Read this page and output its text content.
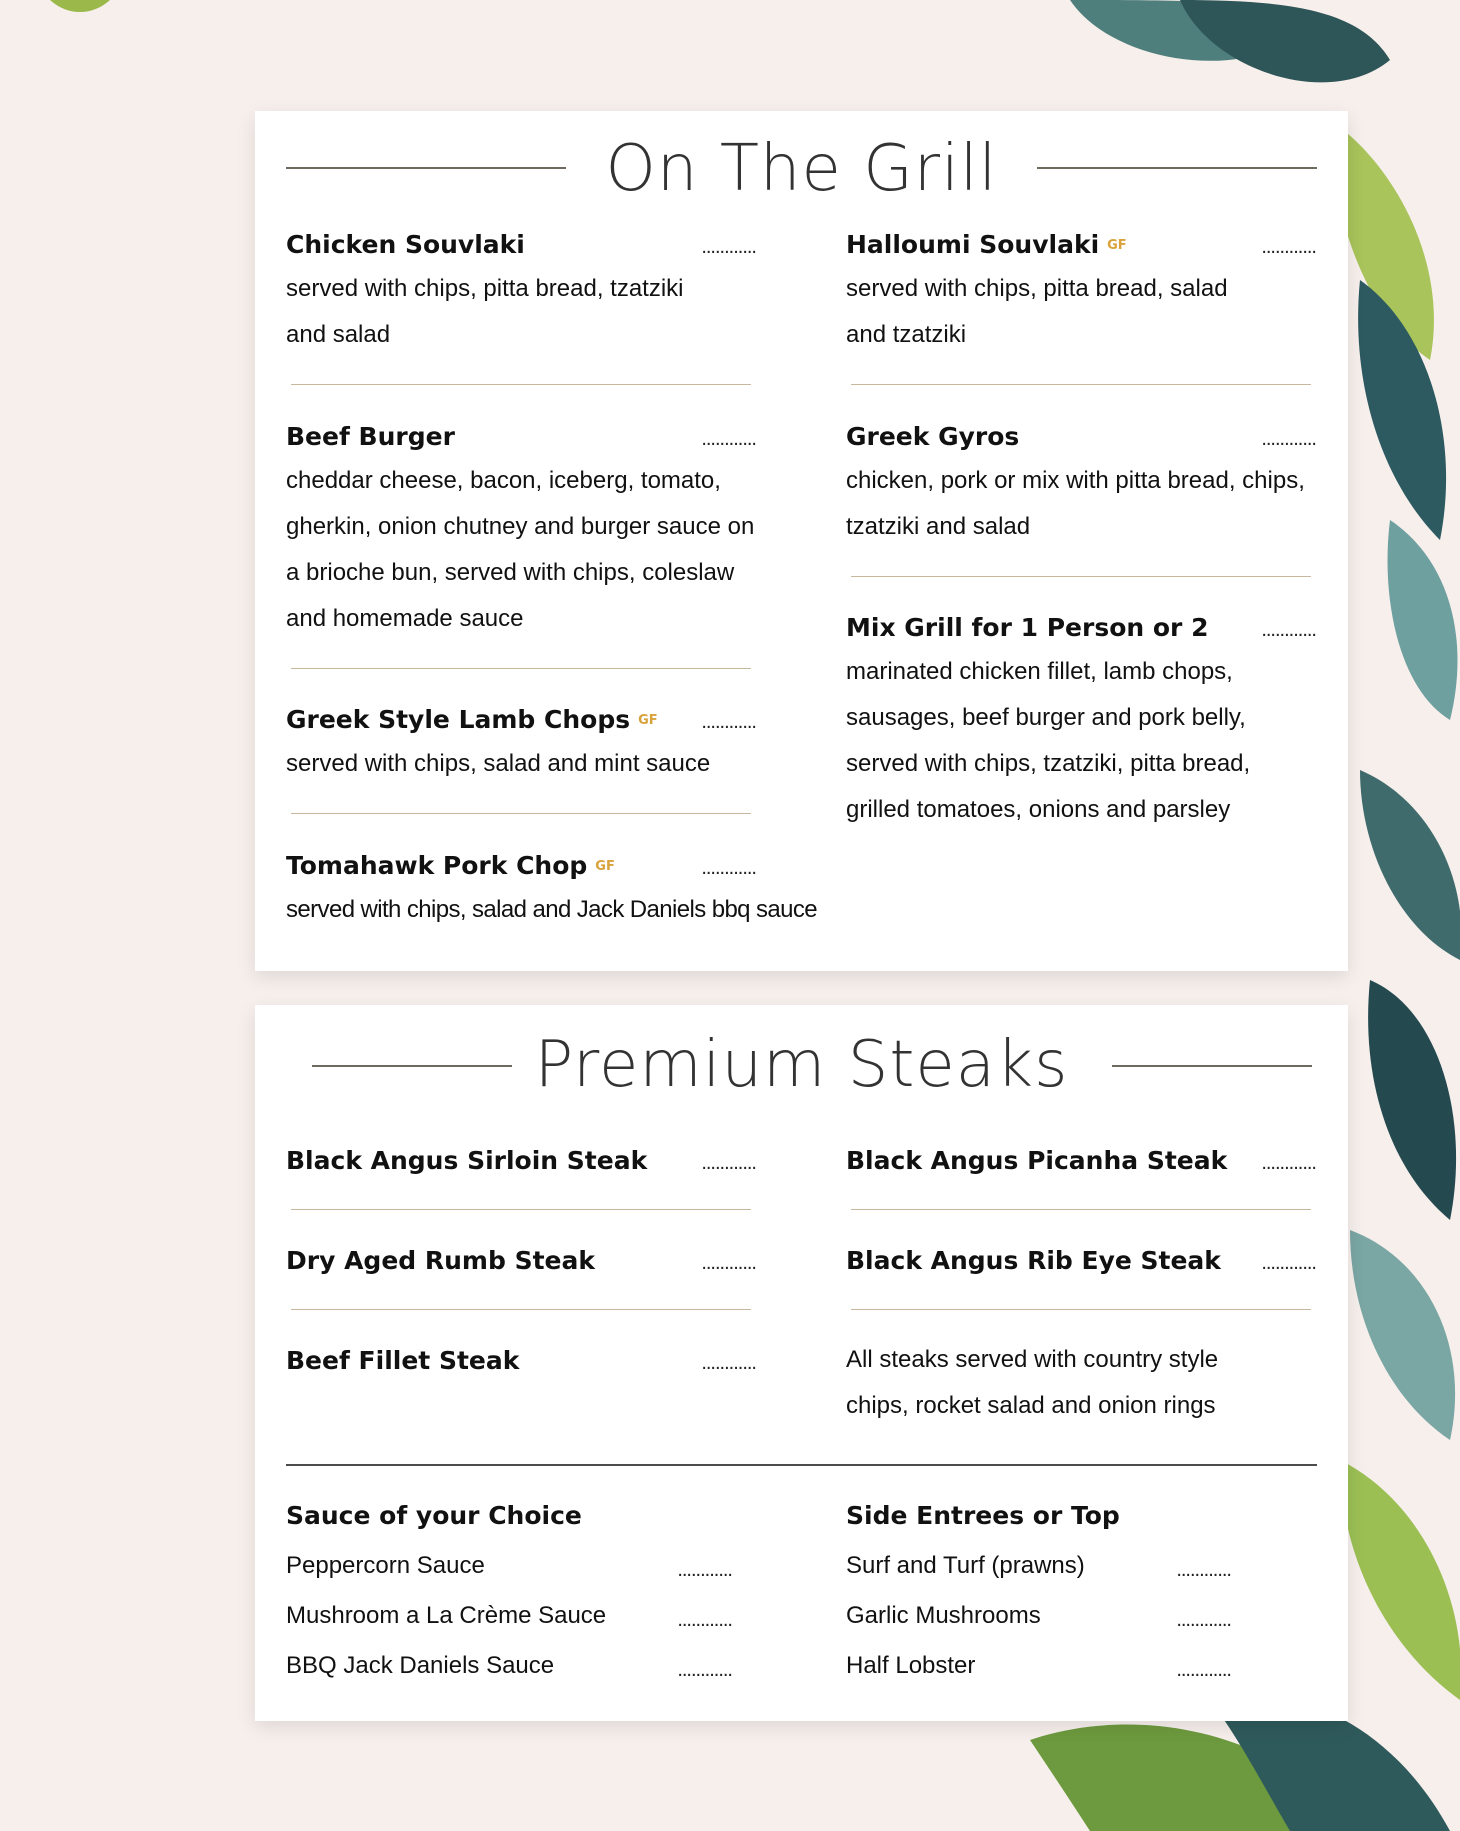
On The Grill
Chicken Souvlaki	............
served with chips, pitta bread, tzatziki and salad
Beef Burger	............
cheddar cheese, bacon, iceberg, tomato, gherkin, onion chutney and burger sauce on a brioche bun, served with chips, coleslaw and homemade sauce
Greek Style Lamb Chops GF	............
served with chips, salad and mint sauce
Tomahawk Pork Chop GF	............
served with chips, salad and Jack Daniels bbq sauce
Halloumi Souvlaki GF	............
served with chips, pitta bread, salad and tzatziki
Greek Gyros	............
chicken, pork or mix with pitta bread, chips, tzatziki and salad
Mix Grill for 1 Person or 2	............
marinated chicken fillet, lamb chops, sausages, beef burger and pork belly, served with chips, tzatziki, pitta bread, grilled tomatoes, onions and parsley
Premium Steaks
Black Angus Sirloin Steak	............
Dry Aged Rumb Steak	............
Beef Fillet Steak	............
Black Angus Picanha Steak	............
Black Angus Rib Eye Steak	............
All steaks served with country style chips, rocket salad and onion rings
Sauce of your Choice
Peppercorn Sauce	............
Mushroom a La Crème Sauce	............
BBQ Jack Daniels Sauce	............
Side Entrees or Top
Surf and Turf (prawns)	............
Garlic Mushrooms	............
Half Lobster	............
